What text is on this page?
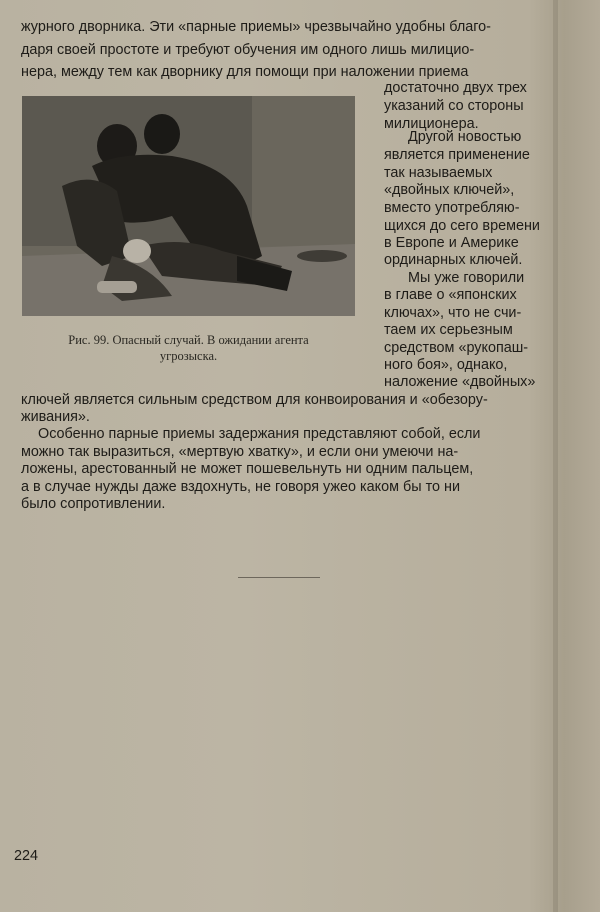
журного дворника. Эти «парные приемы» чрезвычайно удобны благо-
даря своей простоте и требуют обучения им одного лишь милицио-
нера, между тем как дворнику для помощи при наложении приема
достаточно двух трех
указаний со стороны
милиционера.
Другой новостью
является применение
так называемых
«двойных ключей»,
вместо употребляю-
щихся до сего времени
в Европе и Америке
ординарных ключей.
Мы уже говорили
в главе о «японских
ключах», что не счи-
таем их серьезным
средством «рукопаш-
ного боя», однако,
наложение «двойных»
ключей является сильным средством для конвоирования и «обезору-
живания».
Особенно парные приемы задержания представляют собой, если
можно так выразиться, «мертвую хватку», и если они умеючи на-
ложены, арестованный не может пошевельнуть ни одним пальцем,
а в случае нужды даже вздохнуть, не говоря ужео каком бы то ни
было сопротивлении.
Рис. 99. Опасный случай. В ожидании агента
угрозыска.
224
